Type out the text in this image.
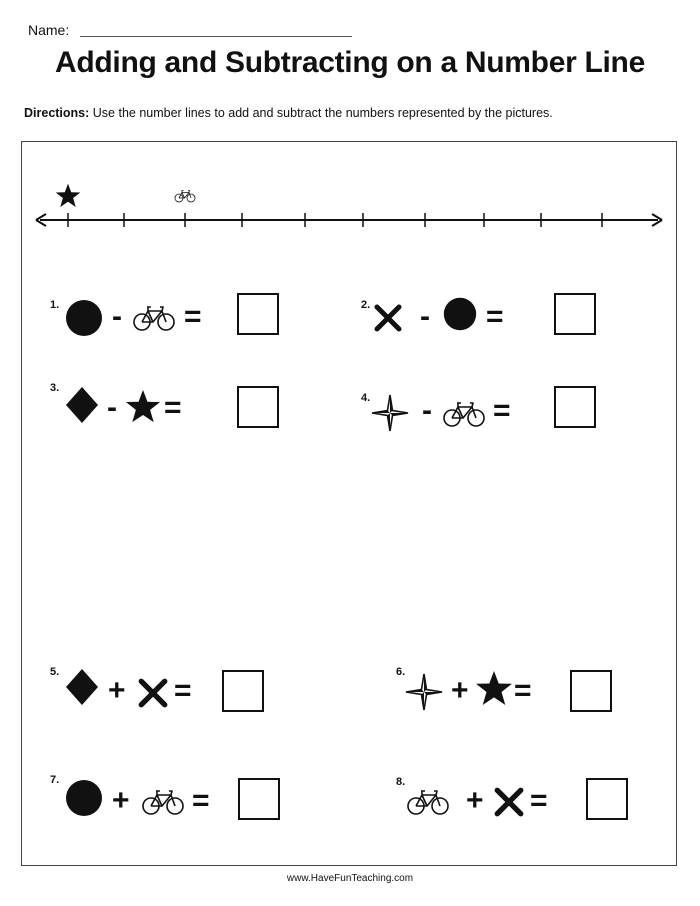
Name:
Adding and Subtracting on a Number Line
Directions: Use the number lines to add and subtract the numbers represented by the pictures.
1. - =	2. - =
3.
- =	4. - =
5.
+ =
6.
+ =
7.
+ =
8.
+ =
www.HaveFunTeaching.com
